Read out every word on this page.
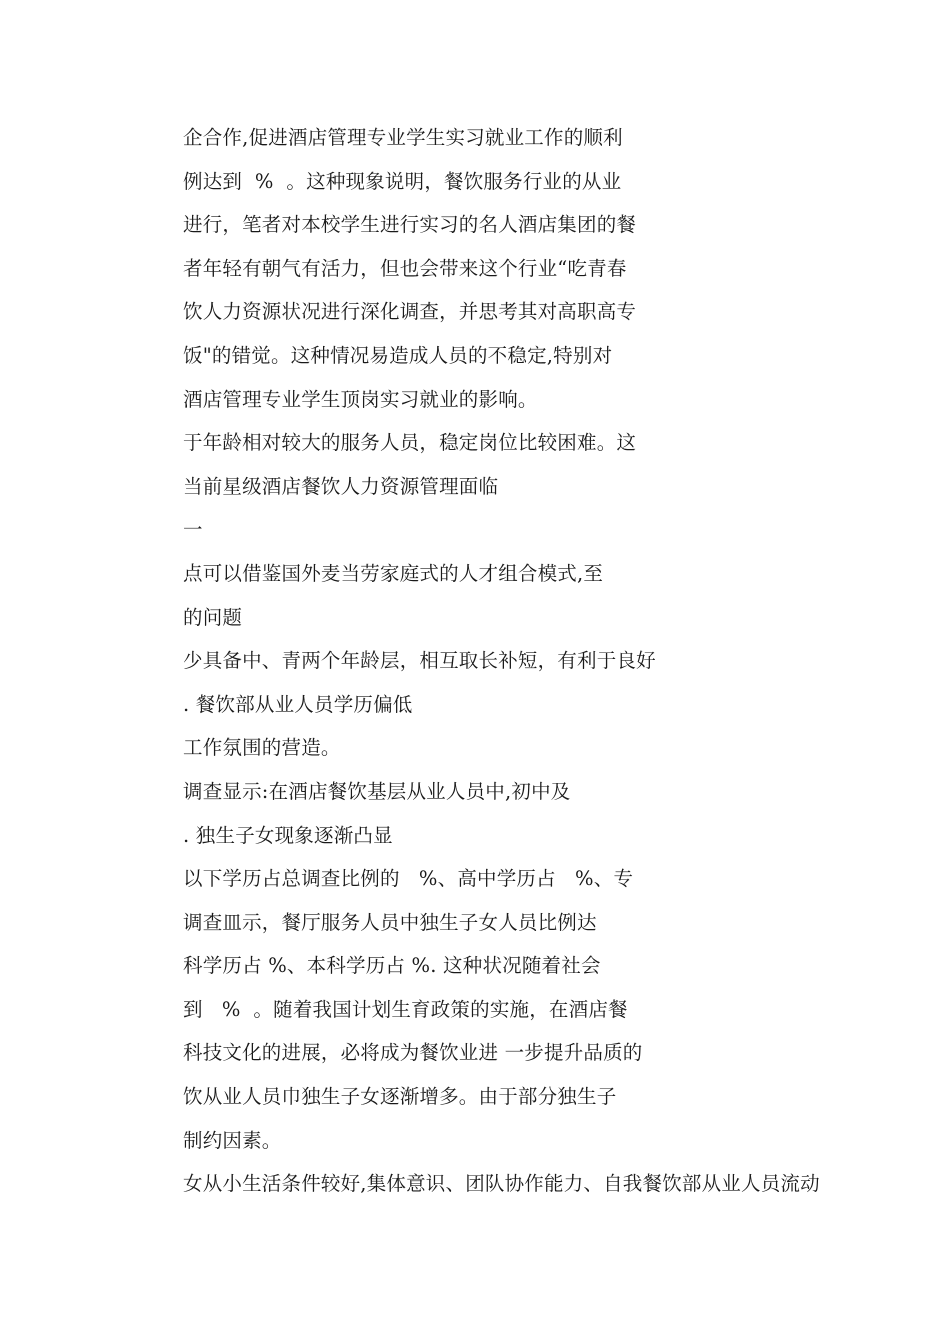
企合作,促进酒店管理专业学生实习就业工作的顺利
例达到  %  。这种现象说明，餐饮服务行业的从业
进行，笔者对本校学生进行实习的名人酒店集团的餐
者年轻有朝气有活力，但也会带来这个行业“吃青春
饮人力资源状况进行深化调查，并思考其对高职高专
饭"的错觉。这种情况易造成人员的不稳定,特别对
酒店管理专业学生顶岗实习就业的影响。
于年龄相对较大的服务人员，稳定岗位比较困难。这
当前星级酒店餐饮人力资源管理面临
一
点可以借鉴国外麦当劳家庭式的人才组合模式,至
的问题
少具备中、青两个年龄层，相互取长补短，有利于良好
. 餐饮部从业人员学历偏低
工作氛围的营造。
调查显示:在酒店餐饮基层从业人员中,初中及
. 独生子女现象逐渐凸显
以下学历占总调查比例的   %、高中学历占   %、专
调查皿示，餐厅服务人员中独生子女人员比例达
科学历占 %、本科学历占 %. 这种状况随着社会
到   %  。随着我国计划生育政策的实施，在酒店餐
科技文化的进展，必将成为餐饮业进 一步提升品质的
饮从业人员巾独生子女逐渐增多。由于部分独生子
制约因素。
女从小生活条件较好,集体意识、团队协作能力、自我餐饮部从业人员流动
